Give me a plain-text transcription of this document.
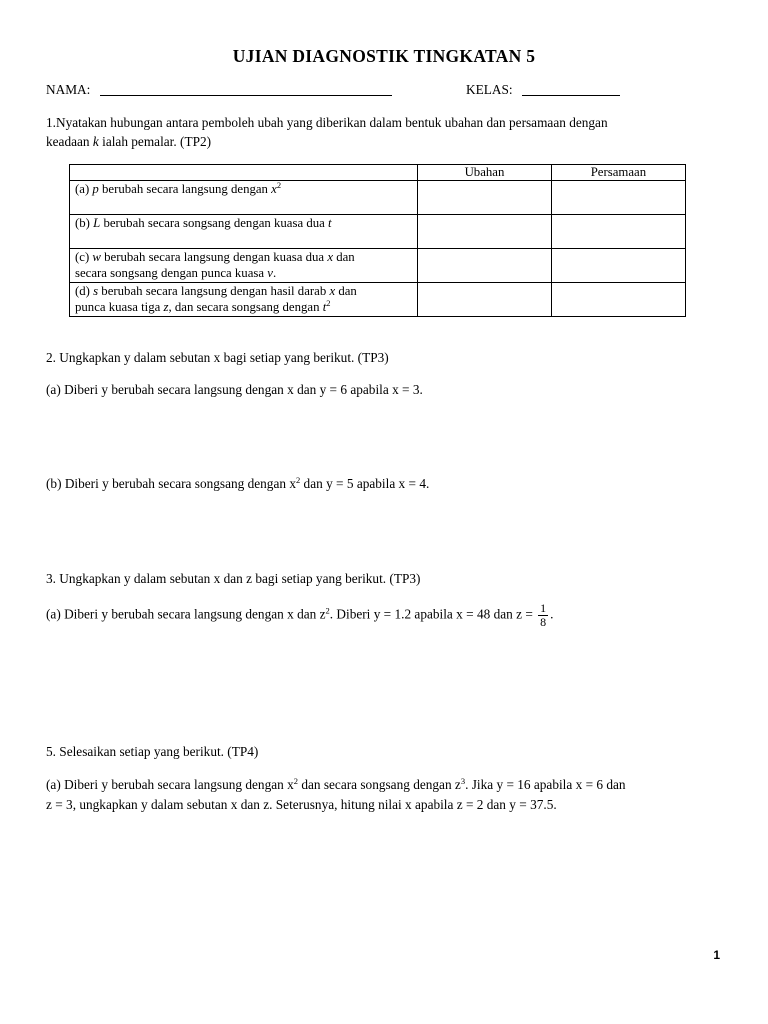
UJIAN DIAGNOSTIK TINGKATAN 5
NAMA:	KELAS:
1.Nyatakan hubungan antara pemboleh ubah yang diberikan dalam bentuk ubahan dan persamaan dengan
keadaan k ialah pemalar. (TP2)
	Ubahan	Persamaan
(a) p berubah secara langsung dengan $x^2$		
(b) L berubah secara songsang dengan kuasa dua t		

(c) w berubah secara langsung dengan kuasa dua x dan
secara songsang dengan punca kuasa v.		

(d) s berubah secara langsung dengan hasil darab x dan
punca kuasa tiga z, dan secara songsang dengan $t^2$

2. Ungkapkan y dalam sebutan x bagi setiap yang berikut. (TP3)
(a) Diberi y berubah secara langsung dengan x dan y = 6 apabila x = 3.
(b) Diberi y berubah secara songsang dengan $x^2$ dan y = 5 apabila x = 4.
3. Ungkapkan y dalam sebutan x dan z bagi setiap yang berikut. (TP3)
(a) Diberi y berubah secara langsung dengan x dan $z^2$. Diberi y = 1.2 apabila x = 48 dan $z = \frac{1}{8}$ .
5. Selesaikan setiap yang berikut. (TP4)
(a) Diberi y berubah secara langsung dengan $x^2$ dan secara songsang dengan $z^3$. Jika y = 16 apabila x = 6 dan
z = 3, ungkapkan y dalam sebutan x dan z. Seterusnya, hitung nilai x apabila z = 2 dan y = 37.5.
1
